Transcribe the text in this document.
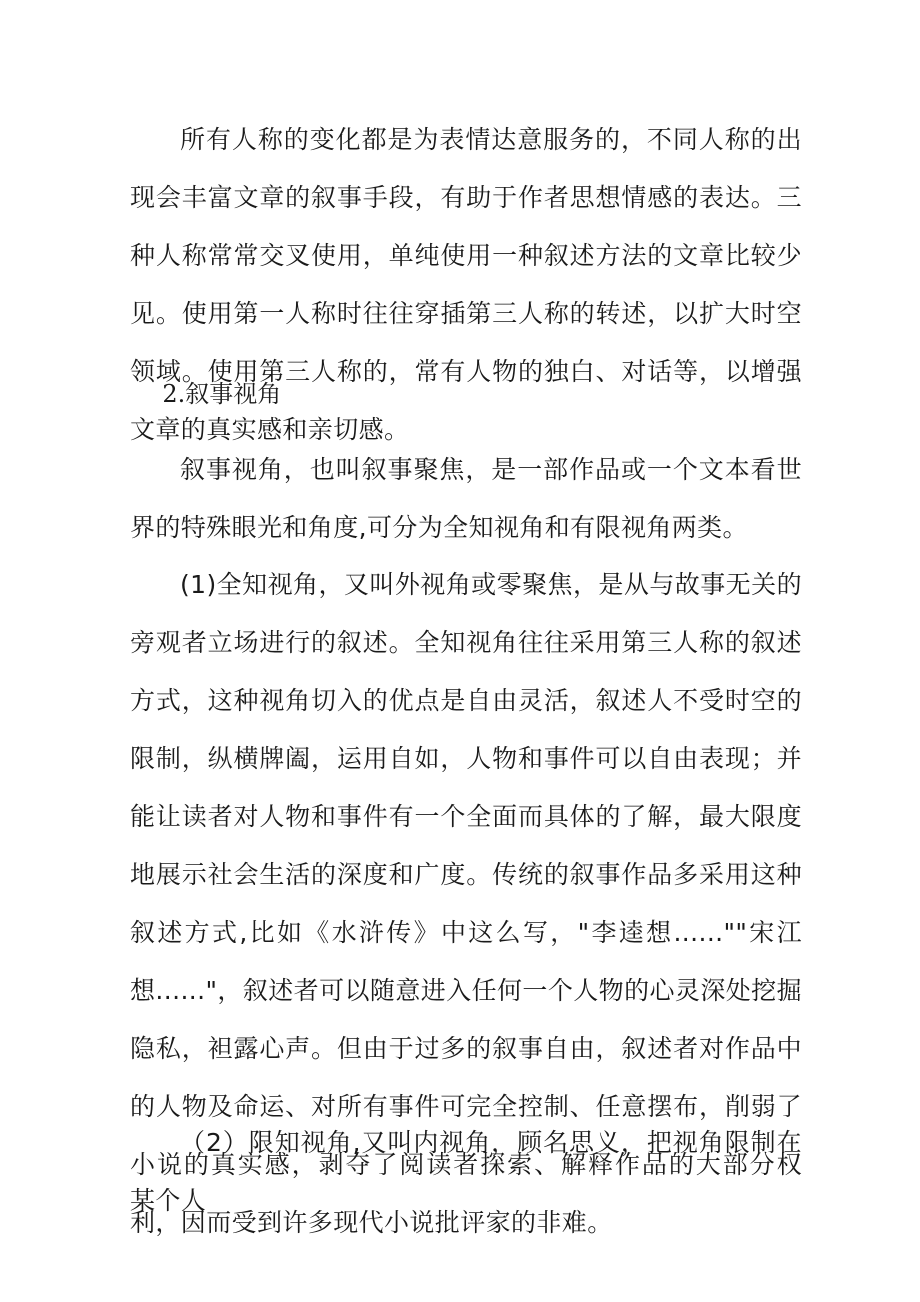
所有人称的变化都是为表情达意服务的，不同人称的出现会丰富文章的叙事手段，有助于作者思想情感的表达。三种人称常常交叉使用，单纯使用一种叙述方法的文章比较少见。使用第一人称时往往穿插第三人称的转述，以扩大时空领域。使用第三人称的，常有人物的独白、对话等，以增强文章的真实感和亲切感。

2.叙事视角

叙事视角，也叫叙事聚焦，是一部作品或一个文本看世界的特殊眼光和角度,可分为全知视角和有限视角两类。

(1)全知视角，又叫外视角或零聚焦，是从与故事无关的旁观者立场进行的叙述。全知视角往往采用第三人称的叙述方式，这种视角切入的优点是自由灵活，叙述人不受时空的限制，纵横牌阖，运用自如，人物和事件可以自由表现；并能让读者对人物和事件有一个全面而具体的了解，最大限度地展示社会生活的深度和广度。传统的叙事作品多采用这种叙述方式,比如《水浒传》中这么写，"李逵想......""宋江想......"，叙述者可以随意进入任何一个人物的心灵深处挖掘隐私，袒露心声。但由于过多的叙事自由，叙述者对作品中的人物及命运、对所有事件可完全控制、任意摆布，削弱了小说的真实感，剥夺了阅读者探索、解释作品的大部分权利，因而受到许多现代小说批评家的非难。

（2）限知视角,又叫内视角，顾名思义，把视角限制在某个人
